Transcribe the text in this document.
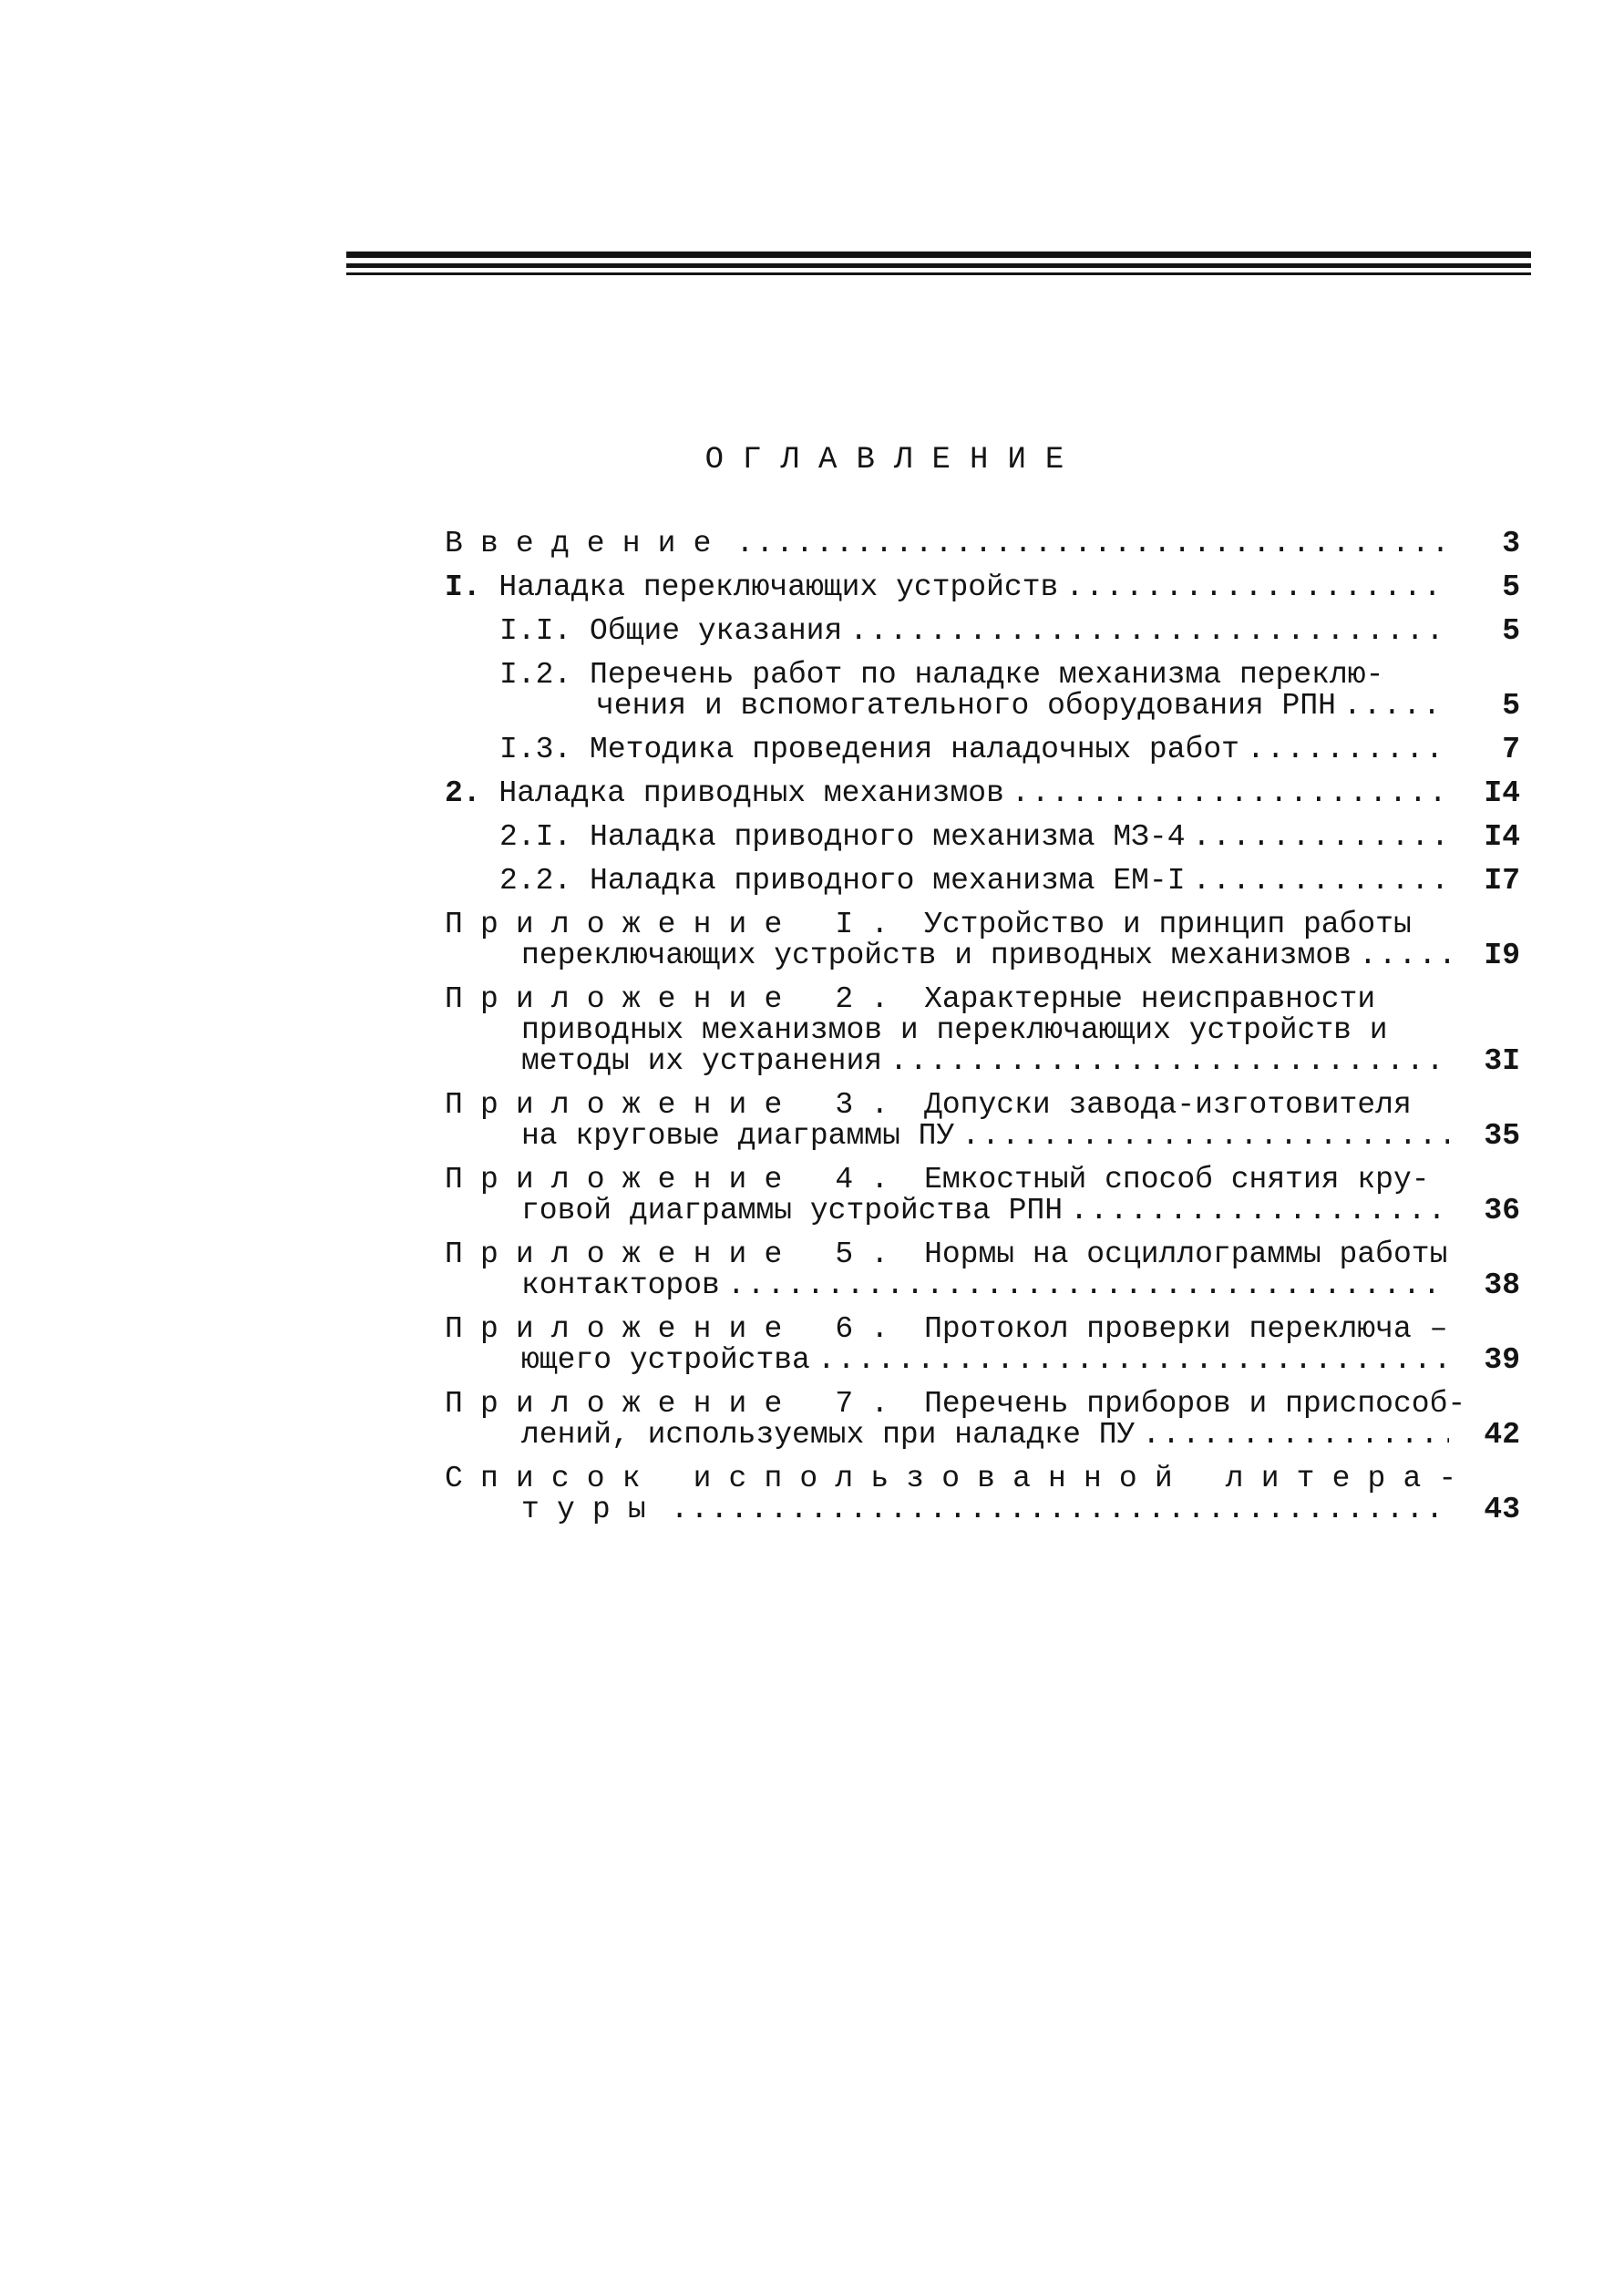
ОГЛАВЛЕНИЕ
Введение .....	3
I. Наладка переключающих устройств .....	5
I.I. Общие указания .....	5
I.2. Перечень работ по наладке механизма переклю-
чения и вспомогательного оборудования РПН .....	5
I.3. Методика проведения наладочных работ .....	7
2. Наладка приводных механизмов .....	I4
2.I. Наладка приводного механизма МЗ-4 .....	I4
2.2. Наладка приводного механизма ЕМ-I .....	I7
Приложение I. Устройство и принцип работы
переключающих устройств и приводных механизмов .....	I9
Приложение 2. Характерные неисправности
приводных механизмов и переключающих устройств и
методы их устранения .....	3I
Приложение 3. Допуски завода-изготовителя
на круговые диаграммы ПУ .....	35
Приложение 4. Емкостный способ снятия кру-
говой диаграммы устройства РПН .....	36
Приложение 5. Нормы на осциллограммы работы
контакторов .....	38
Приложение 6. Протокол проверки переключа –
ющего устройства .....	39
Приложение 7. Перечень приборов и приспособ-
лений, используемых при наладке ПУ .....	42
Список использованной литера-
туры .....	43
